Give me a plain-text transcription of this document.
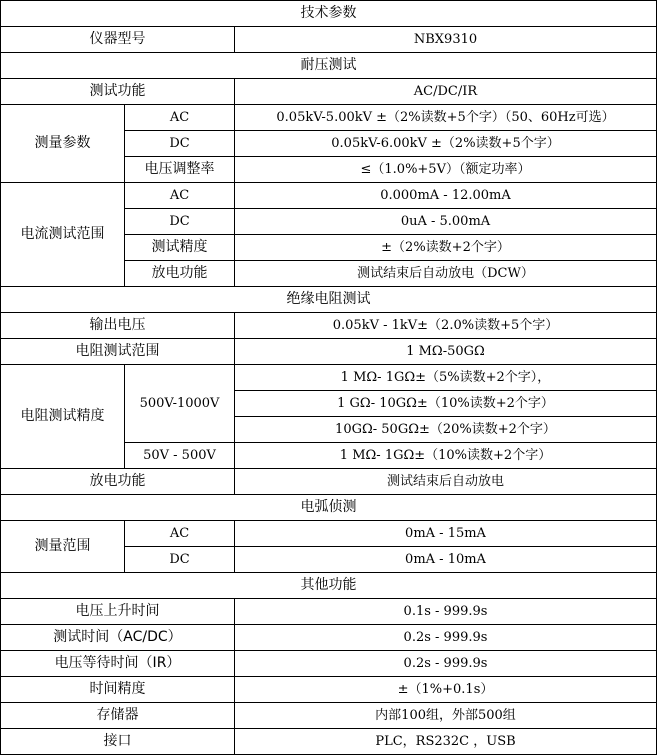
技术参数		
仪器型号		NBX9310
耐压测试		
测试功能		AC/DC/IR
测量参数	AC	0.05kV-5.00kV ±（2%读数+5个字）（50、60Hz可选）
	DC	0.05kV-6.00kV ±（2%读数+5个字）
	电压调整率	≤（1.0%+5V）（额定功率）
电流测试范围	AC	0.000mA - 12.00mA
	DC	0uA - 5.00mA
	测试精度	±（2%读数+2个字）
	放电功能	测试结束后自动放电（DCW）
绝缘电阻测试		
输出电压		0.05kV - 1kV±（2.0%读数+5个字）
电阻测试范围		1 MΩ-50GΩ
电阻测试精度	500V-1000V	1 MΩ- 1GΩ±（5%读数+2个字），
		1 GΩ- 10GΩ±（10%读数+2个字）
		10GΩ- 50GΩ±（20%读数+2个字）
	50V - 500V	1 MΩ- 1GΩ±（10%读数+2个字）
放电功能		测试结束后自动放电
电弧侦测		
测量范围	AC	0mA - 15mA
	DC	0mA - 10mA
其他功能		
电压上升时间		0.1s - 999.9s
测试时间（AC/DC）		0.2s - 999.9s
电压等待时间（IR）		0.2s - 999.9s
时间精度		±（1%+0.1s）
存储器		内部100组，外部500组
接口		PLC，RS232C ，USB
